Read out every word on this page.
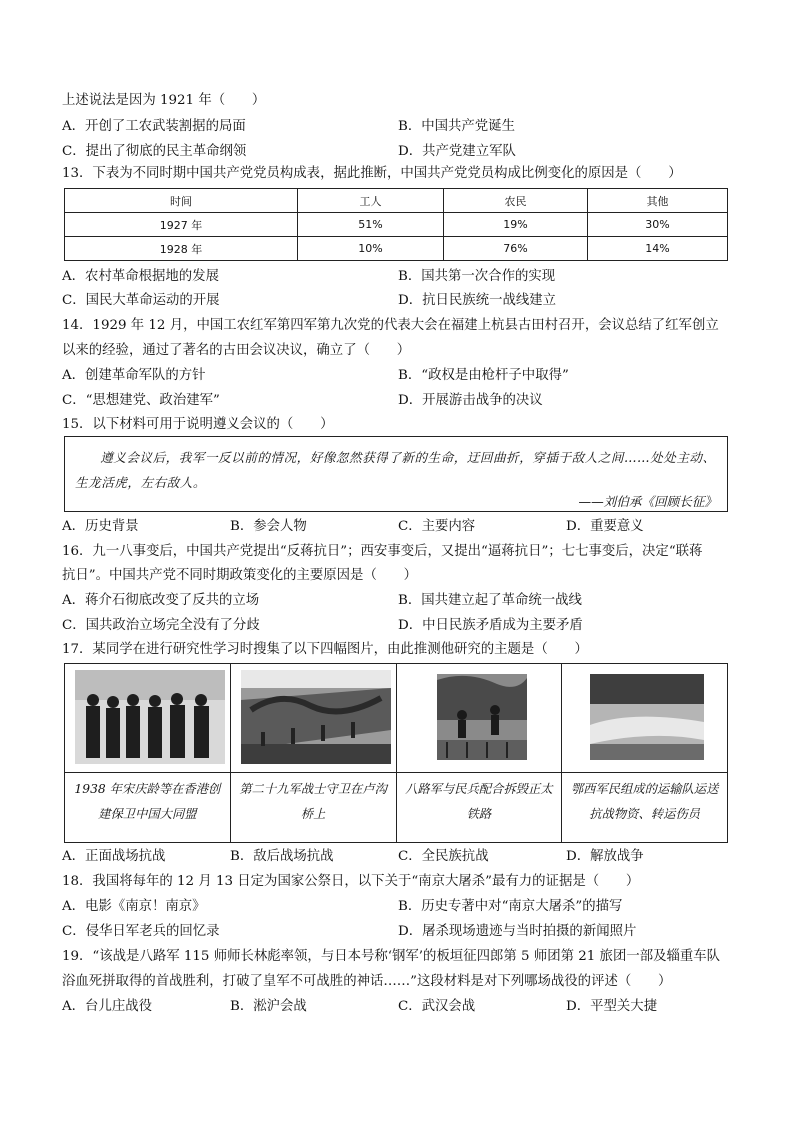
上述说法是因为 1921 年（　　）
A．开创了工农武装割据的局面	B．中国共产党诞生
C．提出了彻底的民主革命纲领	D．共产党建立军队
13．下表为不同时期中国共产党党员构成表，据此推断，中国共产党党员构成比例变化的原因是（　　）
时间	工人	农民	其他
1927 年	51%	19%	30%
1928 年	10%	76%	14%
A．农村革命根据地的发展	B．国共第一次合作的实现
C．国民大革命运动的开展	D．抗日民族统一战线建立
14．1929 年 12 月，中国工农红军第四军第九次党的代表大会在福建上杭县古田村召开，会议总结了红军创立
以来的经验，通过了著名的古田会议决议，确立了（　　）
A．创建革命军队的方针	B．“政权是由枪杆子中取得”
C．“思想建党、政治建军”	D．开展游击战争的决议
15．以下材料可用于说明遵义会议的（　　）
遵义会议后，我军一反以前的情况，好像忽然获得了新的生命，迂回曲折，穿插于敌人之间……处处主动、生龙活虎，左右敌人。
——刘伯承《回顾长征》
A．历史背景	B．参会人物	C．主要内容	D．重要意义
16．九一八事变后，中国共产党提出“反蒋抗日”；西安事变后，又提出“逼蒋抗日”；七七事变后，决定“联蒋
抗日”。中国共产党不同时期政策变化的主要原因是（　　）
A．蒋介石彻底改变了反共的立场	B．国共建立起了革命统一战线
C．国共政治立场完全没有了分歧	D．中日民族矛盾成为主要矛盾
17．某同学在进行研究性学习时搜集了以下四幅图片，由此推测他研究的主题是（　　）
1938 年宋庆龄等在香港创建保卫中国大同盟
第二十九军战士守卫在卢沟桥上
八路军与民兵配合拆毁正太铁路
鄂西军民组成的运输队运送抗战物资、转运伤员
A．正面战场抗战	B．敌后战场抗战	C．全民族抗战	D．解放战争
18．我国将每年的 12 月 13 日定为国家公祭日，以下关于“南京大屠杀”最有力的证据是（　　）
A．电影《南京！南京》	B．历史专著中对“南京大屠杀”的描写
C．侵华日军老兵的回忆录	D．屠杀现场遗迹与当时拍摄的新闻照片
19．“该战是八路军 115 师师长林彪率领，与日本号称‘钢军’的板垣征四郎第 5 师团第 21 旅团一部及辎重车队
浴血死拼取得的首战胜利，打破了皇军不可战胜的神话……”这段材料是对下列哪场战役的评述（　　）
A．台儿庄战役	B．淞沪会战	C．武汉会战	D．平型关大捷
